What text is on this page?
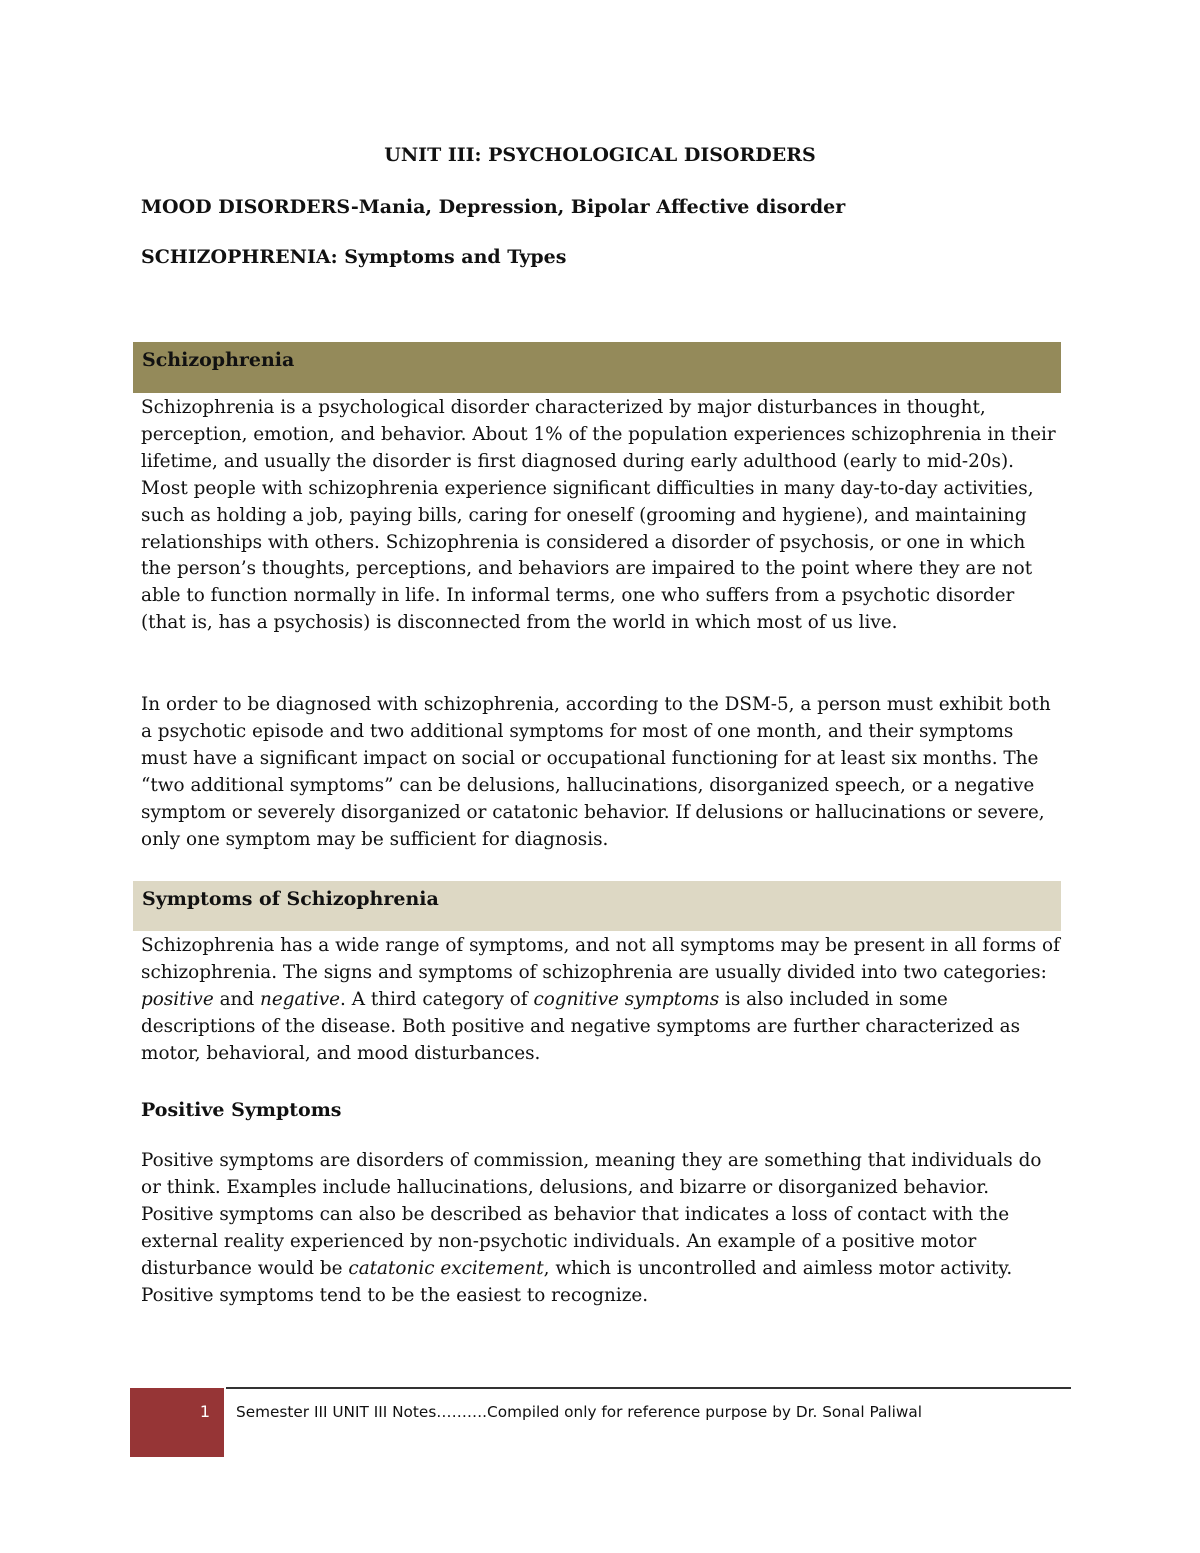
UNIT III: PSYCHOLOGICAL DISORDERS
MOOD DISORDERS-Mania, Depression, Bipolar Affective disorder
SCHIZOPHRENIA: Symptoms and Types
Schizophrenia

Schizophrenia is a psychological disorder characterized by major disturbances in thought, perception, emotion, and behavior. About 1% of the population experiences schizophrenia in their lifetime, and usually the disorder is first diagnosed during early adulthood (early to mid-20s). Most people with schizophrenia experience significant difficulties in many day-to-day activities, such as holding a job, paying bills, caring for oneself (grooming and hygiene), and maintaining relationships with others. Schizophrenia is considered a disorder of psychosis, or one in which the person’s thoughts, perceptions, and behaviors are impaired to the point where they are not able to function normally in life. In informal terms, one who suffers from a psychotic disorder (that is, has a psychosis) is disconnected from the world in which most of us live.

In order to be diagnosed with schizophrenia, according to the DSM-5, a person must exhibit both a psychotic episode and two additional symptoms for most of one month, and their symptoms must have a significant impact on social or occupational functioning for at least six months. The “two additional symptoms” can be delusions, hallucinations, disorganized speech, or a negative symptom or severely disorganized or catatonic behavior. If delusions or hallucinations or severe, only one symptom may be sufficient for diagnosis.

Symptoms of Schizophrenia

Schizophrenia has a wide range of symptoms, and not all symptoms may be present in all forms of schizophrenia. The signs and symptoms of schizophrenia are usually divided into two categories: positive and negative. A third category of cognitive symptoms is also included in some descriptions of the disease. Both positive and negative symptoms are further characterized as motor, behavioral, and mood disturbances.

Positive Symptoms

Positive symptoms are disorders of commission, meaning they are something that individuals do or think. Examples include hallucinations, delusions, and bizarre or disorganized behavior. Positive symptoms can also be described as behavior that indicates a loss of contact with the external reality experienced by non-psychotic individuals. An example of a positive motor disturbance would be catatonic excitement, which is uncontrolled and aimless motor activity. Positive symptoms tend to be the easiest to recognize.

1 Semester III UNIT III Notes……….Compiled only for reference purpose by Dr. Sonal Paliwal
